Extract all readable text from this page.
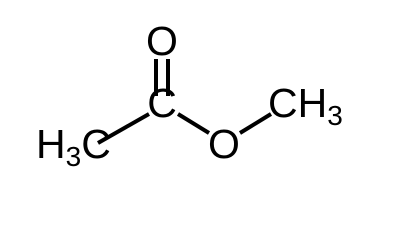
O
C
O
H3C
CH3
